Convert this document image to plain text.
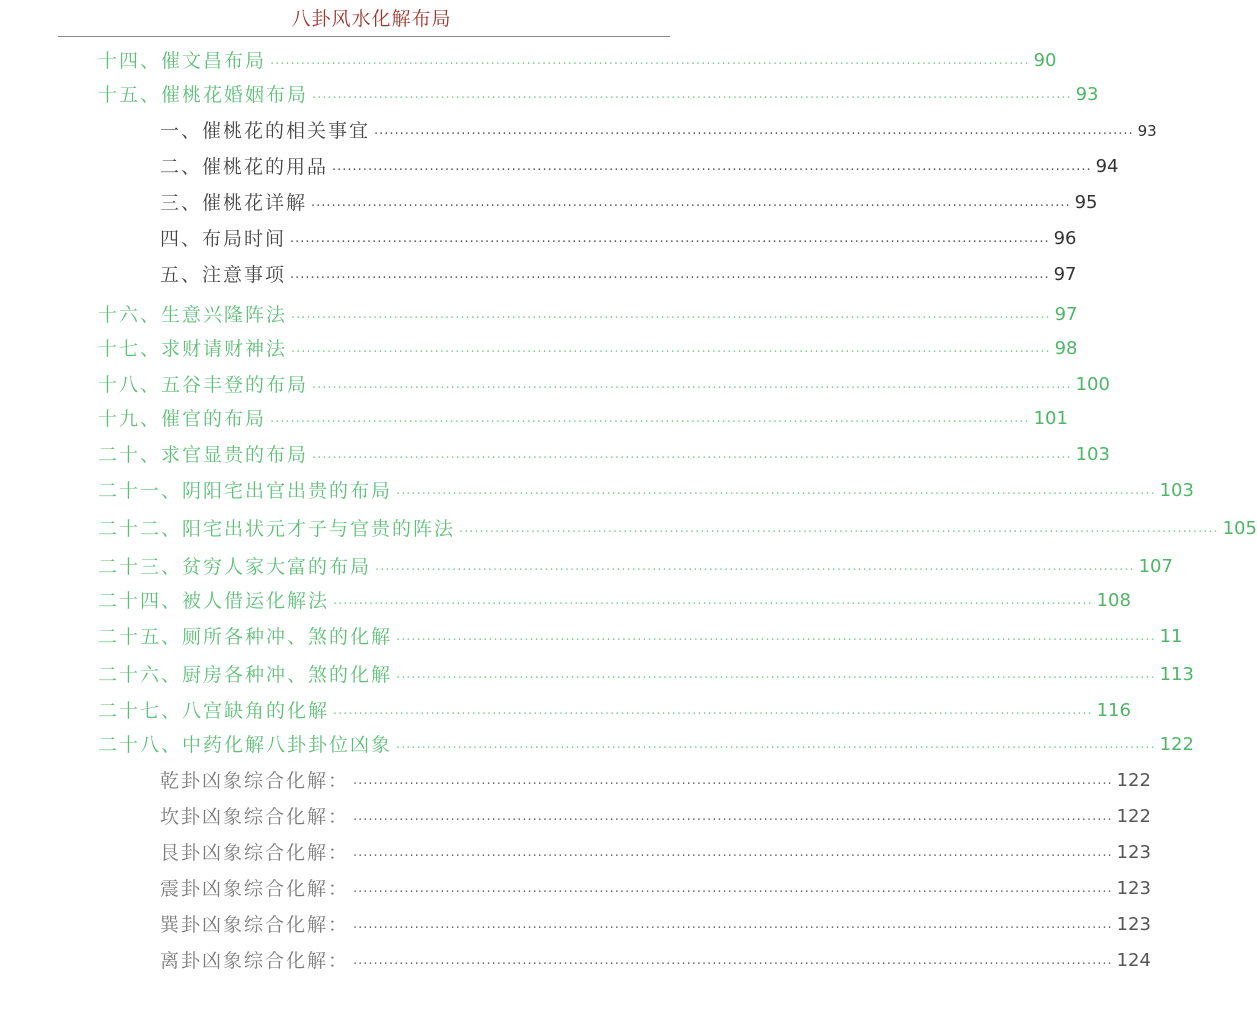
八卦风水化解布局
十四、催文昌布局 .................................................................................................................................................... 90
十五、催桃花婚姻布局 .................................................................................................................................................... 93
一、催桃花的相关事宜 .................................................................................................................................................... 93
二、催桃花的用品 .................................................................................................................................................... 94
三、催桃花详解 .................................................................................................................................................... 95
四、布局时间 .................................................................................................................................................... 96
五、注意事项 .................................................................................................................................................... 97
十六、生意兴隆阵法 .................................................................................................................................................... 97
十七、求财请财神法 .................................................................................................................................................... 98
十八、五谷丰登的布局 .................................................................................................................................................... 100
十九、催官的布局 .................................................................................................................................................... 101
二十、求官显贵的布局 .................................................................................................................................................... 103
二十一、阴阳宅出官出贵的布局 .................................................................................................................................................... 103
二十二、阳宅出状元才子与官贵的阵法 .................................................................................................................................................... 105
二十三、贫穷人家大富的布局 .................................................................................................................................................... 107
二十四、被人借运化解法 .................................................................................................................................................... 108
二十五、厕所各种冲、煞的化解 .................................................................................................................................................... 11
二十六、厨房各种冲、煞的化解 .................................................................................................................................................... 113
二十七、八宫缺角的化解 .................................................................................................................................................... 116
二十八、中药化解八卦卦位凶象 .................................................................................................................................................... 122
乾卦凶象综合化解： .................................................................................................................................................... 122
坎卦凶象综合化解： .................................................................................................................................................... 122
艮卦凶象综合化解： .................................................................................................................................................... 123
震卦凶象综合化解： .................................................................................................................................................... 123
巽卦凶象综合化解： .................................................................................................................................................... 123
离卦凶象综合化解： .................................................................................................................................................... 124
